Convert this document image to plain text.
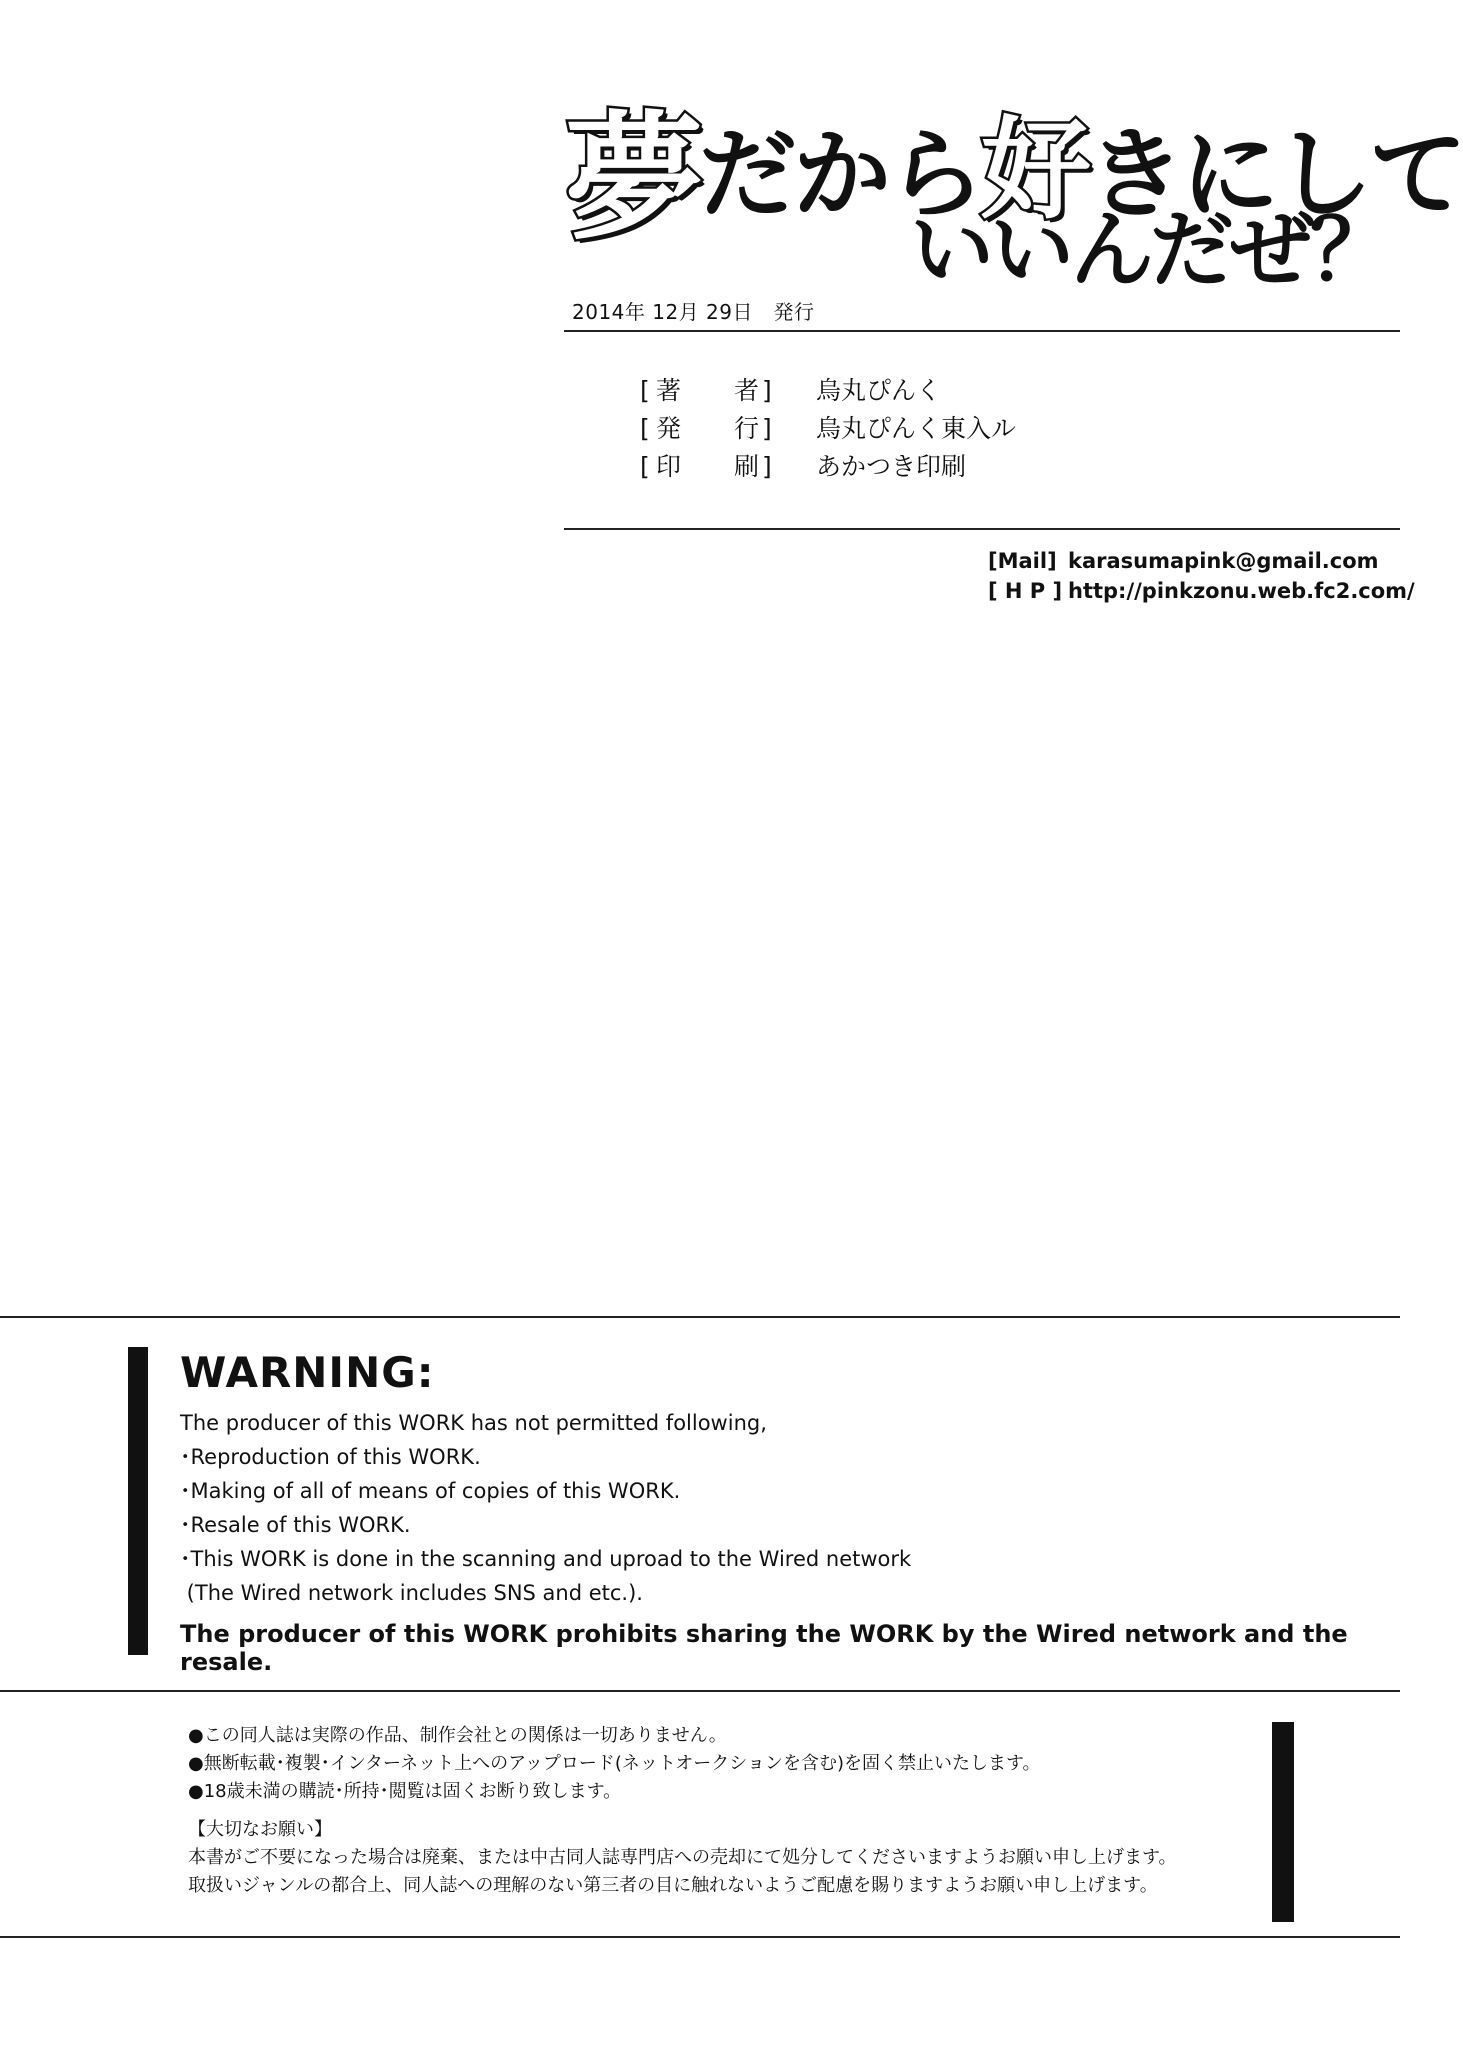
夢だから好きにして
いいんだぜ？
2014年 12月 29日　発行
[ 著	者 ] 烏丸ぴんく
[ 発	行 ] 烏丸ぴんく東入ル
[ 印	刷 ] あかつき印刷
[Mail] karasumapink@gmail.com
[ H P ] http://pinkzonu.web.fc2.com/
WARNING:
The producer of this WORK has not permitted following,
･Reproduction of this WORK.
･Making of all of means of copies of this WORK.
･Resale of this WORK.
･This WORK is done in the scanning and uproad to the Wired network
(The Wired network includes SNS and etc.).
The producer of this WORK prohibits sharing the WORK by the Wired network and the resale.
●この同人誌は実際の作品、制作会社との関係は一切ありません。
●無断転載･複製･インターネット上へのアップロード(ネットオークションを含む)を固く禁止いたします。
●18歳未満の購読･所持･閲覧は固くお断り致します。
【大切なお願い】
本書がご不要になった場合は廃棄、または中古同人誌専門店への売却にて処分してくださいますようお願い申し上げます。
取扱いジャンルの都合上、同人誌への理解のない第三者の目に触れないようご配慮を賜りますようお願い申し上げます。
